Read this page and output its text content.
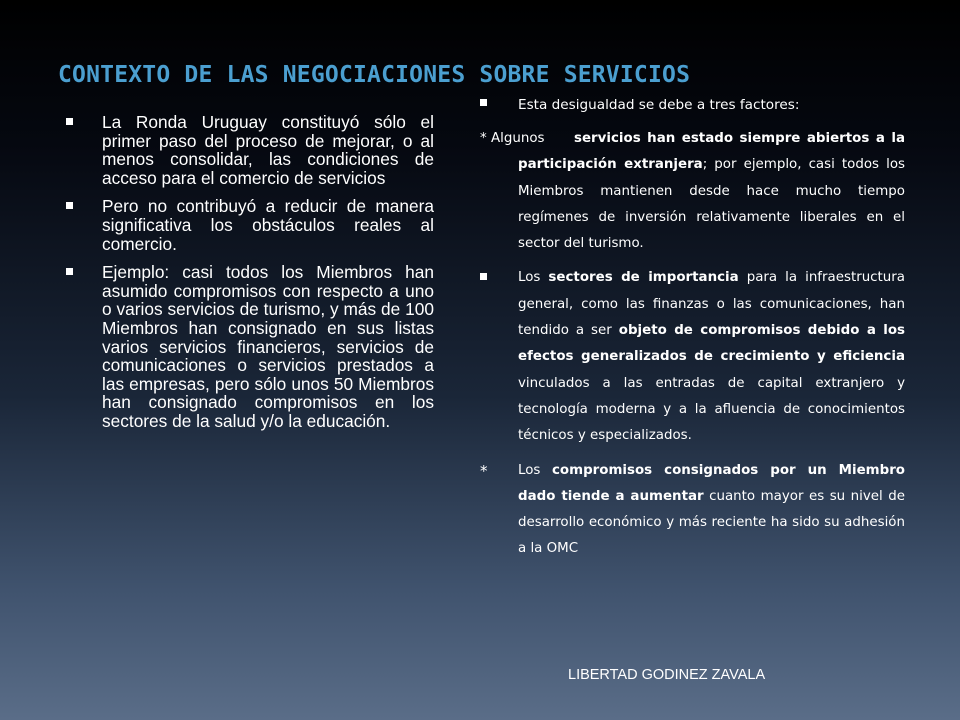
CONTEXTO DE LAS NEGOCIACIONES SOBRE SERVICIOS
La Ronda Uruguay constituyó sólo el primer paso del proceso de mejorar, o al menos consolidar, las condiciones de acceso para el comercio de servicios
Pero no contribuyó a reducir de manera significativa los obstáculos reales al comercio.
Ejemplo: casi todos los Miembros han asumido compromisos con respecto a uno o varios servicios de turismo, y más de 100 Miembros han consignado en sus listas varios servicios financieros, servicios de comunicaciones o servicios prestados a las empresas, pero sólo unos 50 Miembros han consignado compromisos en los sectores de la salud y/o la educación.
Esta desigualdad se debe a tres factores:
* Algunos	servicios han estado siempre abiertos a la participación extranjera; por ejemplo, casi todos los Miembros mantienen desde hace mucho tiempo regímenes de inversión relativamente liberales en el sector del turismo.
Los sectores de importancia para la infraestructura general, como las finanzas o las comunicaciones, han tendido a ser objeto de compromisos debido a los efectos generalizados de crecimiento y eficiencia vinculados a las entradas de capital extranjero y tecnología moderna y a la afluencia de conocimientos técnicos y especializados.
* Los compromisos consignados por un Miembro dado tiende a aumentar cuanto mayor es su nivel de desarrollo económico y más reciente ha sido su adhesión a la OMC
LIBERTAD GODINEZ ZAVALA
